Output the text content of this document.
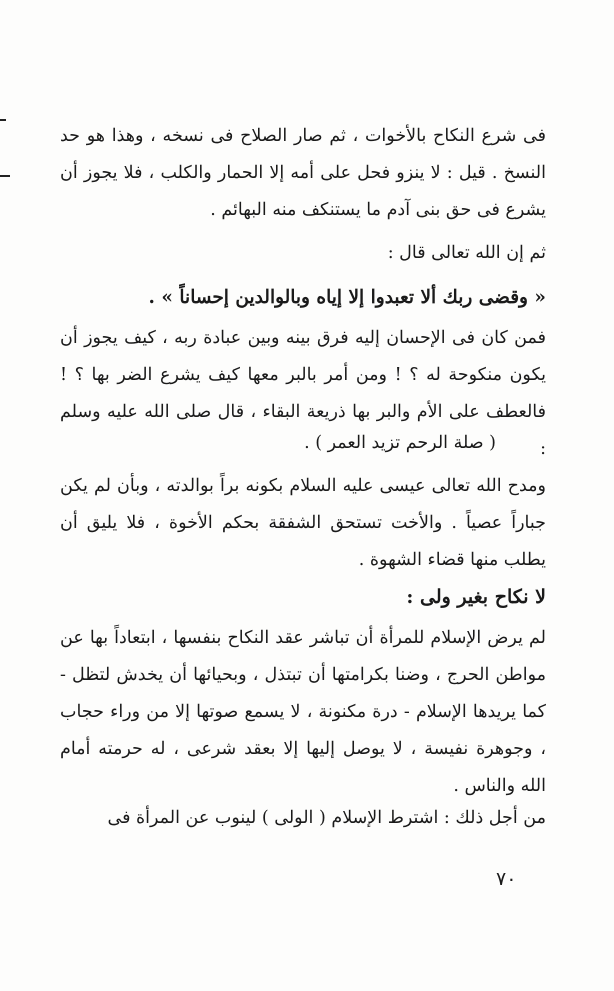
فى شرع النكاح بالأخوات ، ثم صار الصلاح فى نسخه ، وهذا هو حد النسخ . قيل : لا ينزو فحل على أمه إلا الحمار والكلب ، فلا يجوز أن يشرع فى حق بنى آدم ما يستنكف منه البهائم .

ثم إن الله تعالى قال :
« وقضى ربك ألا تعبدوا إلا إياه وبالوالدين إحساناً » .

فمن كان فى الإحسان إليه فرق بينه وبين عبادة ربه ، كيف يجوز أن يكون منكوحة له ؟ ! ومن أمر بالبر معها كيف يشرع الضر بها ؟ ! فالعطف على الأم والبر بها ذريعة البقاء ، قال صلى الله عليه وسلم :

( صلة الرحم تزيد العمر ) .

ومدح الله تعالى عيسى عليه السلام بكونه براً بوالدته ، وبأن لم يكن جباراً عصياً . والأخت تستحق الشفقة بحكم الأخوة ، فلا يليق أن يطلب منها قضاء الشهوة .

لا نكاح بغير ولى :

لم يرض الإسلام للمرأة أن تباشر عقد النكاح بنفسها ، ابتعاداً بها عن مواطن الحرج ، وضنا بكرامتها أن تبتذل ، وبحيائها أن يخدش لتظل - كما يريدها الإسلام - درة مكنونة ، لا يسمع صوتها إلا من وراء حجاب ، وجوهرة نفيسة ، لا يوصل إليها إلا بعقد شرعى ، له حرمته أمام الله والناس .

من أجل ذلك : اشترط الإسلام ( الولى ) لينوب عن المرأة فى

٧٠
